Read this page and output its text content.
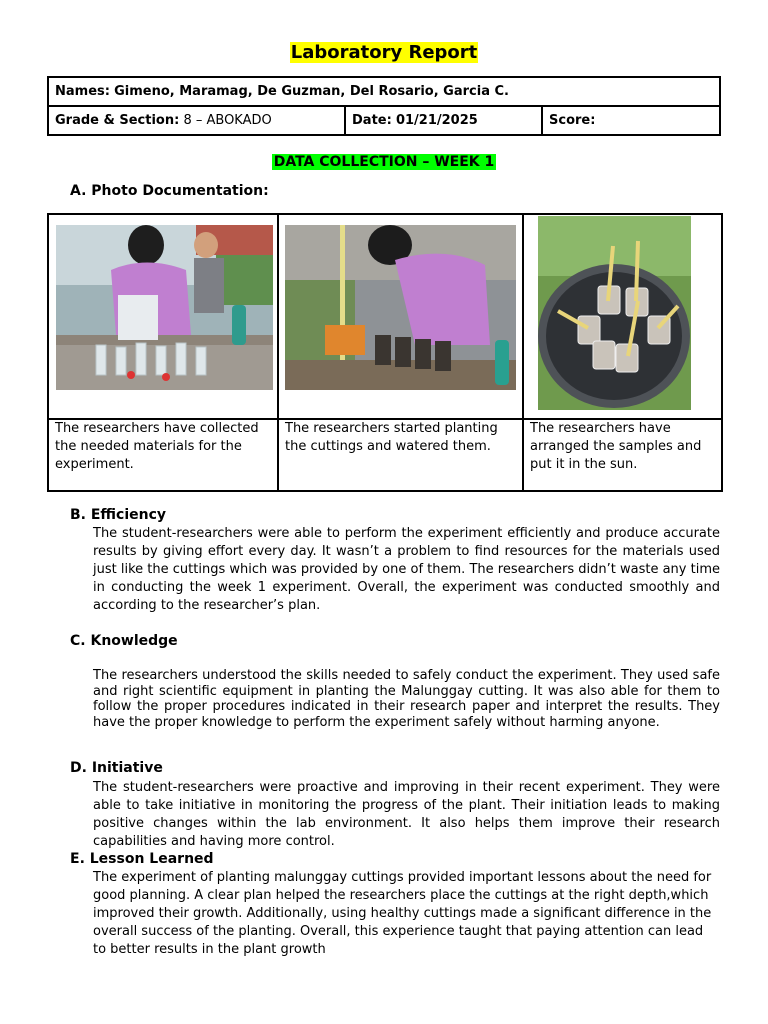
Laboratory Report
Names: Gimeno, Maramag, De Guzman, Del Rosario, Garcia C.
Grade & Section: 8 – ABOKADO	Date: 01/21/2025	Score:
DATA COLLECTION – WEEK 1
A. Photo Documentation:

The researchers have collected the needed materials for the experiment.	The researchers started planting the cuttings and watered them.	The researchers have arranged the samples and put it in the sun.
B. Efficiency
The student-researchers were able to perform the experiment efficiently and produce accurate results by giving effort every day. It wasn’t a problem to find resources for the materials used just like the cuttings which was provided by one of them. The researchers didn’t waste any time in conducting the week 1 experiment. Overall, the experiment was conducted smoothly and according to the researcher’s plan.
C. Knowledge
The researchers understood the skills needed to safely conduct the experiment. They used safe and right scientific equipment in planting the Malunggay cutting. It was also able for them to follow the proper procedures indicated in their research paper and interpret the results. They have the proper knowledge to perform the experiment safely without harming anyone.
D. Initiative
The student-researchers were proactive and improving in their recent experiment. They were able to take initiative in monitoring the progress of the plant. Their initiation leads to making positive changes within the lab environment. It also helps them improve their research capabilities and having more control.
E. Lesson Learned
The experiment of planting malunggay cuttings provided important lessons about the need for good planning. A clear plan helped the researchers place the cuttings at the right depth,which improved their growth. Additionally, using healthy cuttings made a significant difference in the overall success of the planting. Overall, this experience taught that paying attention can lead to better results in the plant growth
